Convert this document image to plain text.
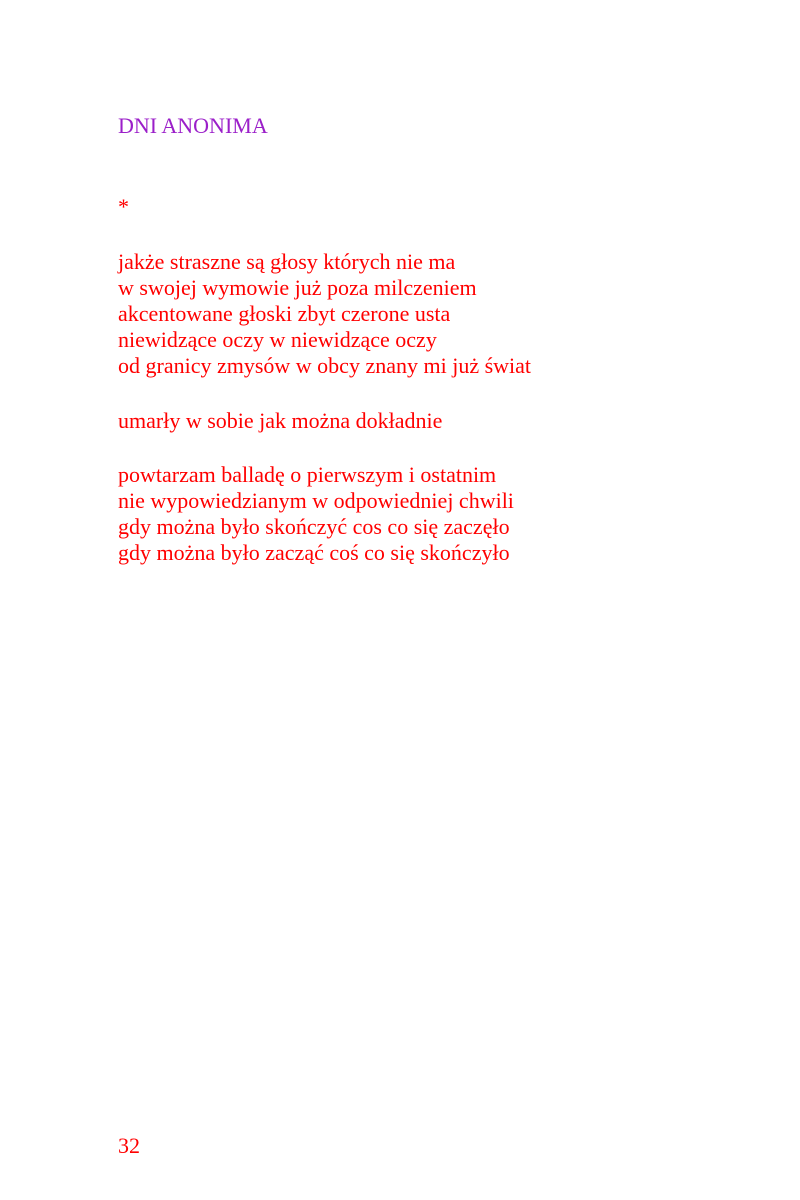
DNI ANONIMA
*
jakże straszne są głosy których nie ma
w swojej wymowie już poza milczeniem
akcentowane głoski zbyt czerone usta
niewidzące oczy w niewidzące oczy
od granicy zmysów w obcy znany mi już świat
umarły w sobie jak można dokładnie
powtarzam balladę o pierwszym i ostatnim
nie wypowiedzianym w odpowiedniej chwili
gdy można było skończyć cos co się zaczęło
gdy można było zacząć coś co się skończyło
32
